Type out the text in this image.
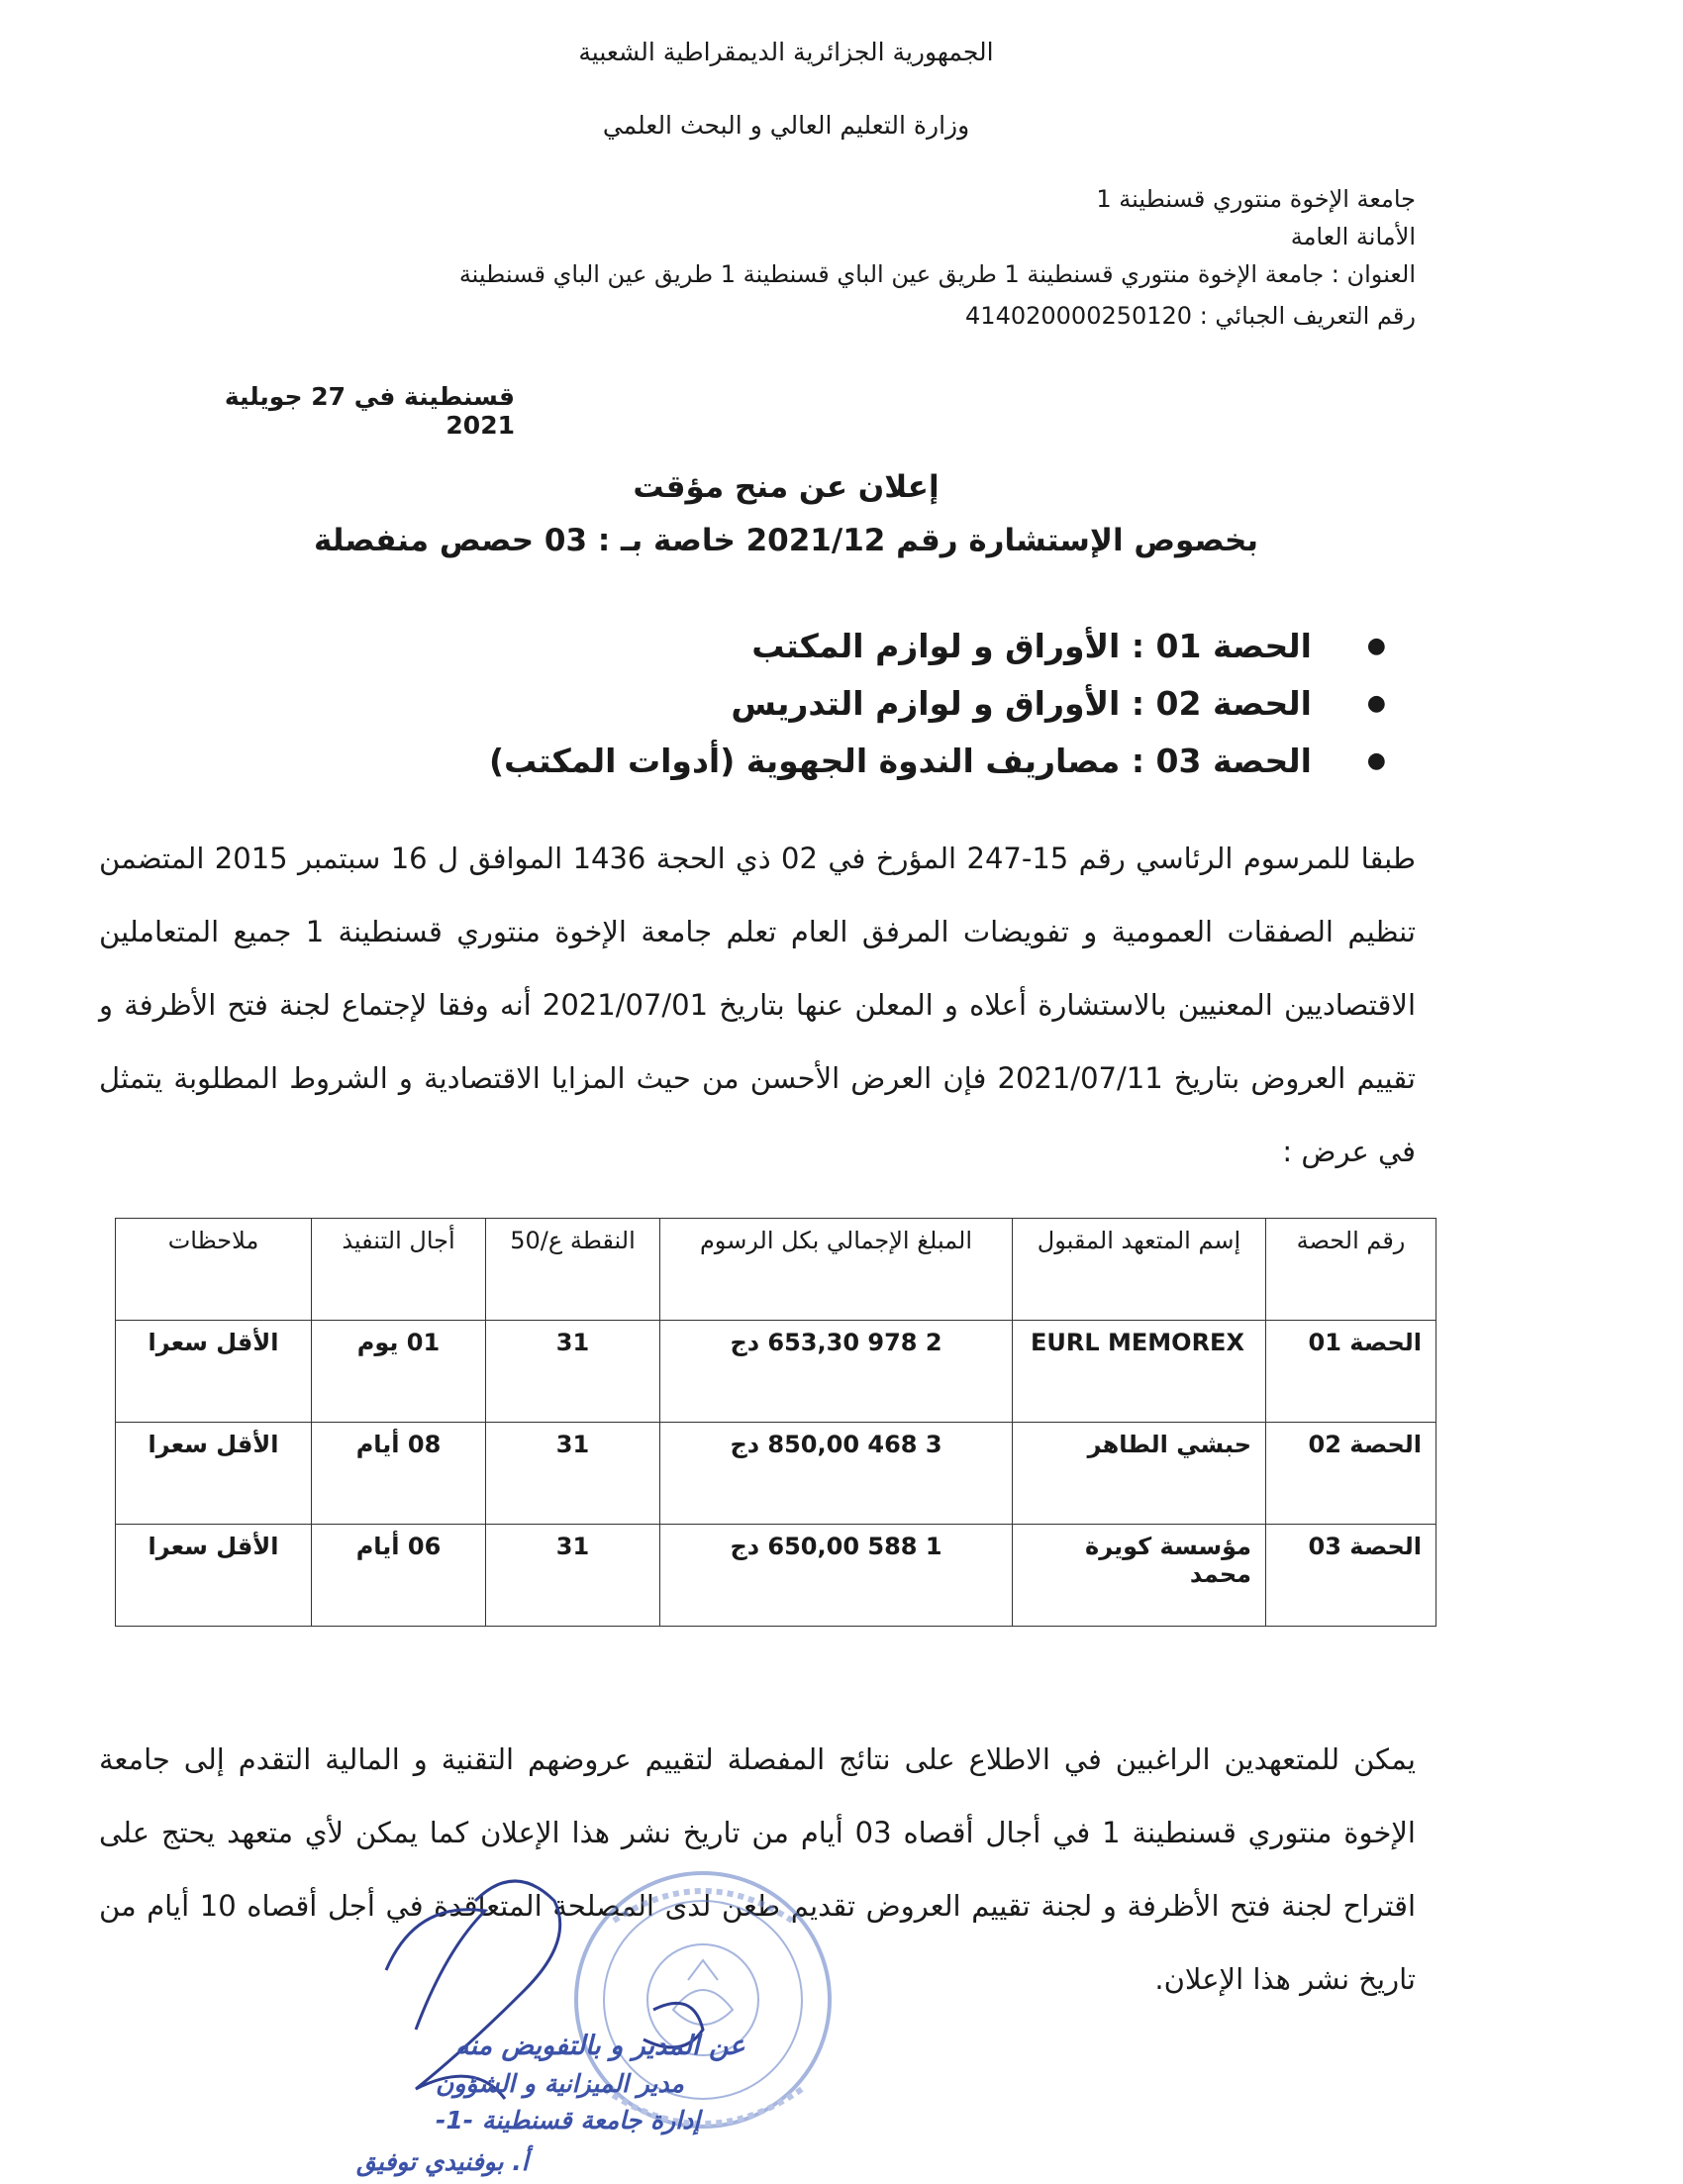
الجمهورية الجزائرية الديمقراطية الشعبية
وزارة التعليم العالي و البحث العلمي
جامعة الإخوة منتوري قسنطينة 1
الأمانة العامة
العنوان : جامعة الإخوة منتوري قسنطينة 1 طريق عين الباي قسنطينة 1 طريق عين الباي قسنطينة
رقم التعريف الجبائي : 414020000250120
قسنطينة في 27 جويلية 2021
إعلان عن منح مؤقت
بخصوص الإستشارة رقم 2021/12 خاصة بـ : 03 حصص منفصلة
●
الحصة 01 : الأوراق و لوازم المكتب
●
الحصة 02 : الأوراق و لوازم التدريس
●
الحصة 03 : مصاريف الندوة الجهوية (أدوات المكتب)
طبقا للمرسوم الرئاسي رقم 15-247 المؤرخ في 02 ذي الحجة 1436 الموافق ل 16 سبتمبر 2015 المتضمن تنظيم الصفقات العمومية و تفويضات المرفق العام تعلم جامعة الإخوة منتوري قسنطينة 1 جميع المتعاملين الاقتصاديين المعنيين بالاستشارة أعلاه و المعلن عنها بتاريخ 2021/07/01 أنه وفقا لإجتماع لجنة فتح الأظرفة و تقييم العروض بتاريخ 2021/07/11 فإن العرض الأحسن من حيث المزايا الاقتصادية و الشروط المطلوبة يتمثل في عرض :
رقم الحصة	إسم المتعهد المقبول	المبلغ الإجمالي بكل الرسوم	النقطة ع/50	أجال التنفيذ	ملاحظات
الحصة 01	EURL MEMOREX	2 978 653,30 دج	31	01 يوم	الأقل سعرا
الحصة 02	حبشي الطاهر	3 468 850,00 دج	31	08 أيام	الأقل سعرا
الحصة 03	مؤسسة كويرة محمد	1 588 650,00 دج	31	06 أيام	الأقل سعرا
يمكن للمتعهدين الراغبين في الاطلاع على نتائج المفصلة لتقييم عروضهم التقنية و المالية التقدم إلى جامعة الإخوة منتوري قسنطينة 1 في أجال أقصاه 03 أيام من تاريخ نشر هذا الإعلان كما يمكن لأي متعهد يحتج على اقتراح لجنة فتح الأظرفة و لجنة تقييم العروض تقديم طعن لدى المصلحة المتعاقدة في أجل أقصاه 10 أيام من تاريخ نشر هذا الإعلان.
عن المدير و بالتفويض منه
مدير الميزانية و الشؤون
إدارة جامعة قسنطينة -1-
أ. بوفنيدي توفيق
